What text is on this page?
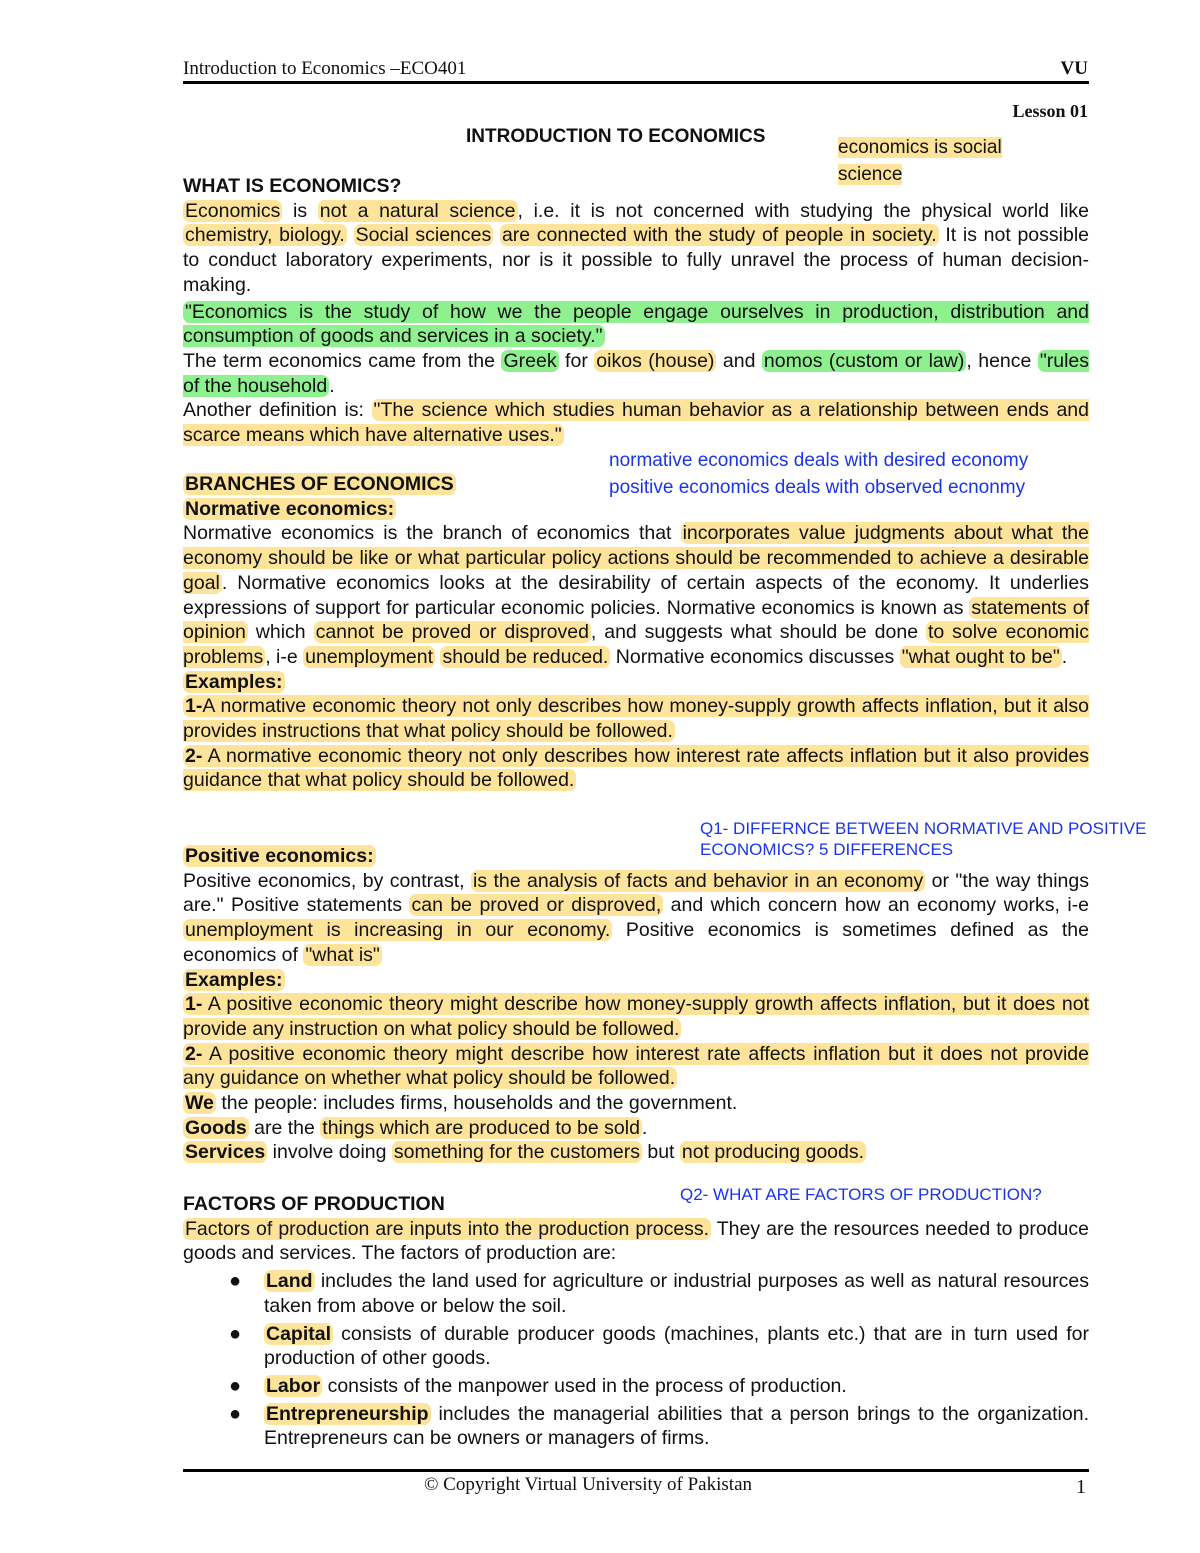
Introduction to Economics –ECO401	VU
Lesson 01
INTRODUCTION TO ECONOMICS
economics is social
science
normative economics deals with desired economy
positive economics deals with observed ecnonmy
Q1- DIFFERNCE BETWEEN NORMATIVE AND POSITIVE
ECONOMICS? 5 DIFFERENCES
Q2- WHAT ARE FACTORS OF PRODUCTION?
WHAT IS ECONOMICS?
Economics is not a natural science , i.e. it is not concerned with studying the physical world like chemistry, biology. Social sciences are connected with the study of people in society. It is not possible to conduct laboratory experiments, nor is it possible to fully unravel the process of human decision-making.
"Economics is the study of how we the people engage ourselves in production, distribution and consumption of goods and services in a society."
The term economics came from the Greek for oikos (house) and nomos (custom or law) , hence "rules of the household .
Another definition is: "The science which studies human behavior as a relationship between ends and scarce means which have alternative uses."
BRANCHES OF ECONOMICS
Normative economics:
Normative economics is the branch of economics that incorporates value judgments about what the economy should be like or what particular policy actions should be recommended to achieve a desirable goal . Normative economics looks at the desirability of certain aspects of the economy. It underlies expressions of support for particular economic policies. Normative economics is known as statements of opinion which cannot be proved or disproved , and suggests what should be done to solve economic problems , i-e unemployment should be reduced. Normative economics discusses "what ought to be" .
Examples:
1-A normative economic theory not only describes how money-supply growth affects inflation, but it also provides instructions that what policy should be followed.
2- A normative economic theory not only describes how interest rate affects inflation but it also provides guidance that what policy should be followed.
Positive economics:
Positive economics, by contrast, is the analysis of facts and behavior in an economy or "the way things are." Positive statements can be proved or disproved, and which concern how an economy works, i-e unemployment is increasing in our economy. Positive economics is sometimes defined as the economics of "what is"
Examples:
1- A positive economic theory might describe how money-supply growth affects inflation, but it does not provide any instruction on what policy should be followed.
2- A positive economic theory might describe how interest rate affects inflation but it does not provide any guidance on whether what policy should be followed.
We the people: includes firms, households and the government.
Goods are the things which are produced to be sold .
Services involve doing something for the customers but not producing goods.
FACTORS OF PRODUCTION
Factors of production are inputs into the production process. They are the resources needed to produce goods and services. The factors of production are:
● Land includes the land used for agriculture or industrial purposes as well as natural resources taken from above or below the soil.
● Capital consists of durable producer goods (machines, plants etc.) that are in turn used for production of other goods.
● Labor consists of the manpower used in the process of production.
● Entrepreneurship includes the managerial abilities that a person brings to the organization. Entrepreneurs can be owners or managers of firms.
© Copyright Virtual University of Pakistan	1
